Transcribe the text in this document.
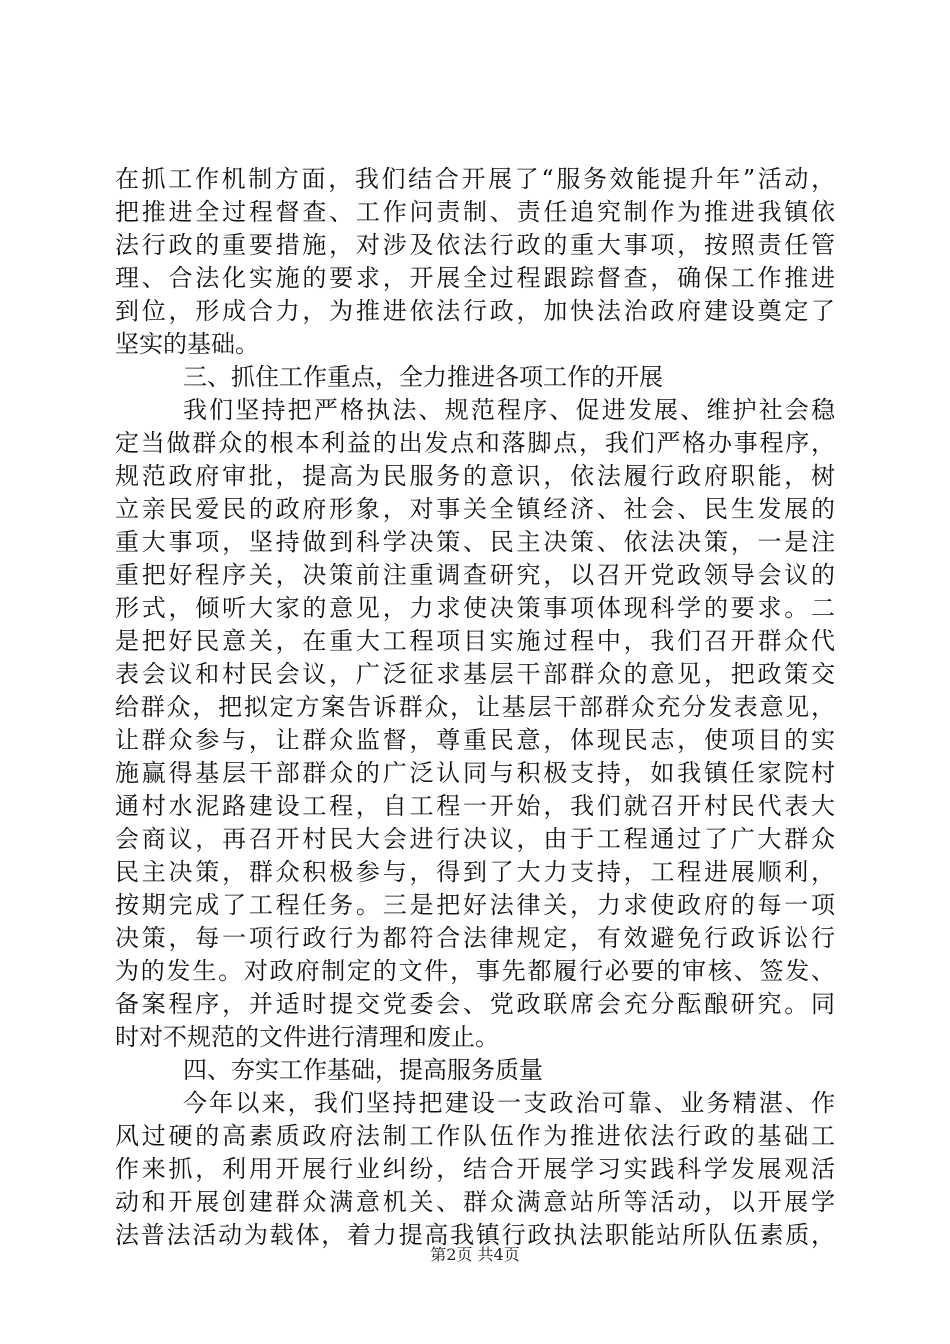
在抓工作机制方面，我们结合开展了“服务效能提升年”活动，
把推进全过程督查、工作问责制、责任追究制作为推进我镇依
法行政的重要措施，对涉及依法行政的重大事项，按照责任管
理、合法化实施的要求，开展全过程跟踪督查，确保工作推进
到位，形成合力，为推进依法行政，加快法治政府建设奠定了
坚实的基础。
三、抓住工作重点，全力推进各项工作的开展
我们坚持把严格执法、规范程序、促进发展、维护社会稳
定当做群众的根本利益的出发点和落脚点，我们严格办事程序，
规范政府审批，提高为民服务的意识，依法履行政府职能，树
立亲民爱民的政府形象，对事关全镇经济、社会、民生发展的
重大事项，坚持做到科学决策、民主决策、依法决策，一是注
重把好程序关，决策前注重调查研究，以召开党政领导会议的
形式，倾听大家的意见，力求使决策事项体现科学的要求。二
是把好民意关，在重大工程项目实施过程中，我们召开群众代
表会议和村民会议，广泛征求基层干部群众的意见，把政策交
给群众，把拟定方案告诉群众，让基层干部群众充分发表意见，
让群众参与，让群众监督，尊重民意，体现民志，使项目的实
施赢得基层干部群众的广泛认同与积极支持，如我镇任家院村
通村水泥路建设工程，自工程一开始，我们就召开村民代表大
会商议，再召开村民大会进行决议，由于工程通过了广大群众
民主决策，群众积极参与，得到了大力支持，工程进展顺利，
按期完成了工程任务。三是把好法律关，力求使政府的每一项
决策，每一项行政行为都符合法律规定，有效避免行政诉讼行
为的发生。对政府制定的文件，事先都履行必要的审核、签发、
备案程序，并适时提交党委会、党政联席会充分酝酿研究。同
时对不规范的文件进行清理和废止。
四、夯实工作基础，提高服务质量
今年以来，我们坚持把建设一支政治可靠、业务精湛、作
风过硬的高素质政府法制工作队伍作为推进依法行政的基础工
作来抓，利用开展行业纠纷，结合开展学习实践科学发展观活
动和开展创建群众满意机关、群众满意站所等活动，以开展学
法普法活动为载体，着力提高我镇行政执法职能站所队伍素质，
第2页 共4页
